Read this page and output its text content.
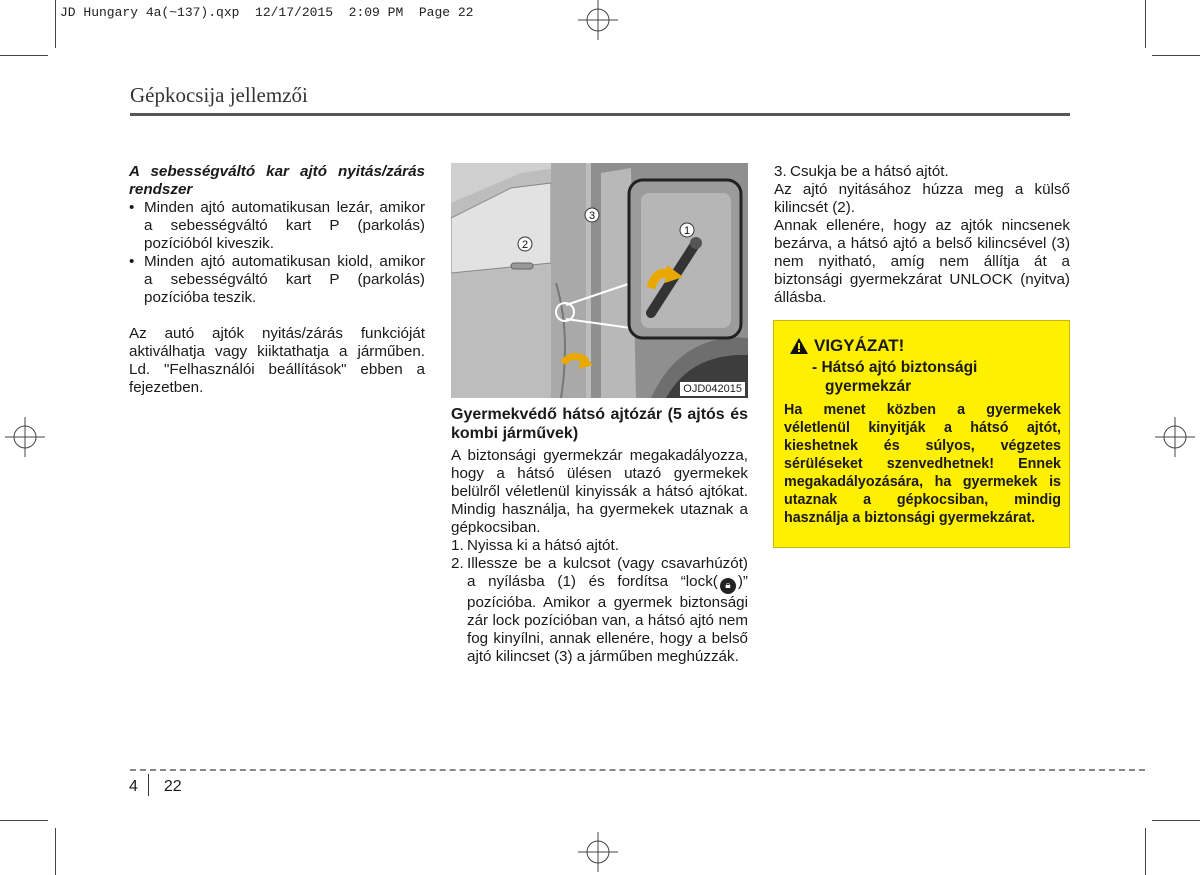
JD Hungary 4a(~137).qxp  12/17/2015  2:09 PM  Page 22
Gépkocsija jellemzői
A sebességváltó kar ajtó nyitás/zárás rendszer
• Minden ajtó automatikusan lezár, amikor a sebességváltó kart P (parkolás) pozícióból kiveszik.
• Minden ajtó automatikusan kiold, amikor a sebességváltó kart P (parkolás) pozícióba teszik.

Az autó ajtók nyitás/zárás funkcióját aktiválhatja vagy kiiktathatja a járműben. Ld. "Felhasználói beállítások" ebben a fejezetben.

3
2
1
OJD042015
Gyermekvédő hátsó ajtózár (5 ajtós és kombi járművek)

A biztonsági gyermekzár megakadályozza, hogy a hátsó ülésen utazó gyermekek belülről véletlenül kinyissák a hátsó ajtókat. Mindig használja, ha gyermekek utaznak a gépkocsiban.

1. Nyissa ki a hátsó ajtót.
2. Illessze be a kulcsot (vagy csavarhúzót) a nyílásba (1) és fordítsa “lock( 🔒︎ )” pozícióba. Amikor a gyermek biztonsági zár lock pozícióban van, a hátsó ajtó nem fog kinyílni, annak ellenére, hogy a belső ajtó kilincset (3) a járműben meghúzzák.
3. Csukja be a hátsó ajtót.

Az ajtó nyitásához húzza meg a külső kilincsét (2).

Annak ellenére, hogy az ajtók nincsenek bezárva, a hátsó ajtó a belső kilincsével (3) nem nyitható, amíg nem állítja át a biztonsági gyermekzárat UNLOCK (nyitva) állásba.

VIGYÁZAT!
- Hátsó ajtó biztonsági
gyermekzár
Ha menet közben a gyermekek véletlenül kinyitják a hátsó ajtót, kieshetnek és súlyos, végzetes sérüléseket szenvedhetnek! Ennek megakadályozására, ha gyermekek is utaznak a gépkocsiban, mindig használja a biztonsági gyermekzárat.
4 22
